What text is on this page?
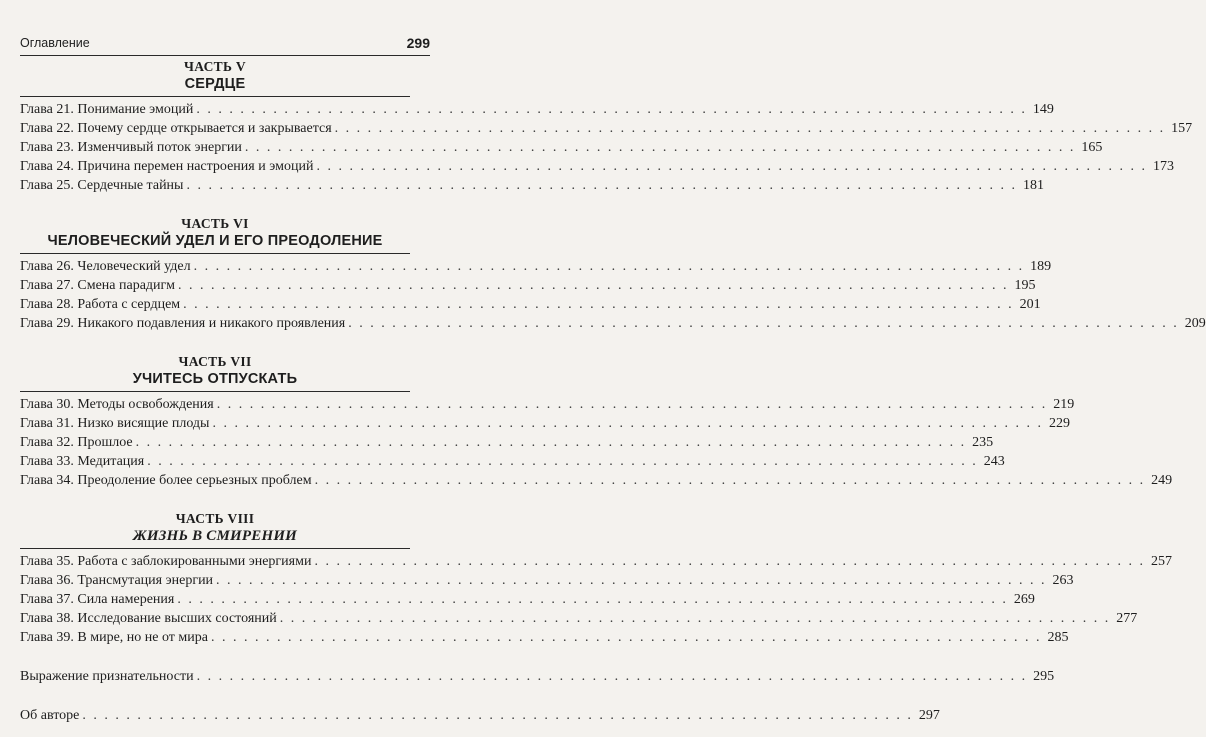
Оглавление	299
ЧАСТЬ V
СЕРДЦЕ
Глава 21. Понимание эмоций . . .	149
Глава 22. Почему сердце открывается и закрывается . . .	157
Глава 23. Изменчивый поток энергии . . .	165
Глава 24. Причина перемен настроения и эмоций . . .	173
Глава 25. Сердечные тайны . . .	181
ЧАСТЬ VI
ЧЕЛОВЕЧЕСКИЙ УДЕЛ И ЕГО ПРЕОДОЛЕНИЕ
Глава 26. Человеческий удел . . .	189
Глава 27. Смена парадигм . . .	195
Глава 28. Работа с сердцем . . .	201
Глава 29. Никакого подавления и никакого проявления . . .	209
ЧАСТЬ VII
УЧИТЕСЬ ОТПУСКАТЬ
Глава 30. Методы освобождения . . .	219
Глава 31. Низко висящие плоды . . .	229
Глава 32. Прошлое . . .	235
Глава 33. Медитация . . .	243
Глава 34. Преодоление более серьезных проблем . . .	249
ЧАСТЬ VIII
ЖИЗНЬ В СМИРЕНИИ
Глава 35. Работа с заблокированными энергиями . . .	257
Глава 36. Трансмутация энергии . . .	263
Глава 37. Сила намерения . . .	269
Глава 38. Исследование высших состояний . . .	277
Глава 39. В мире, но не от мира . . .	285
Выражение признательности . . .	295
Об авторе . . .	297
